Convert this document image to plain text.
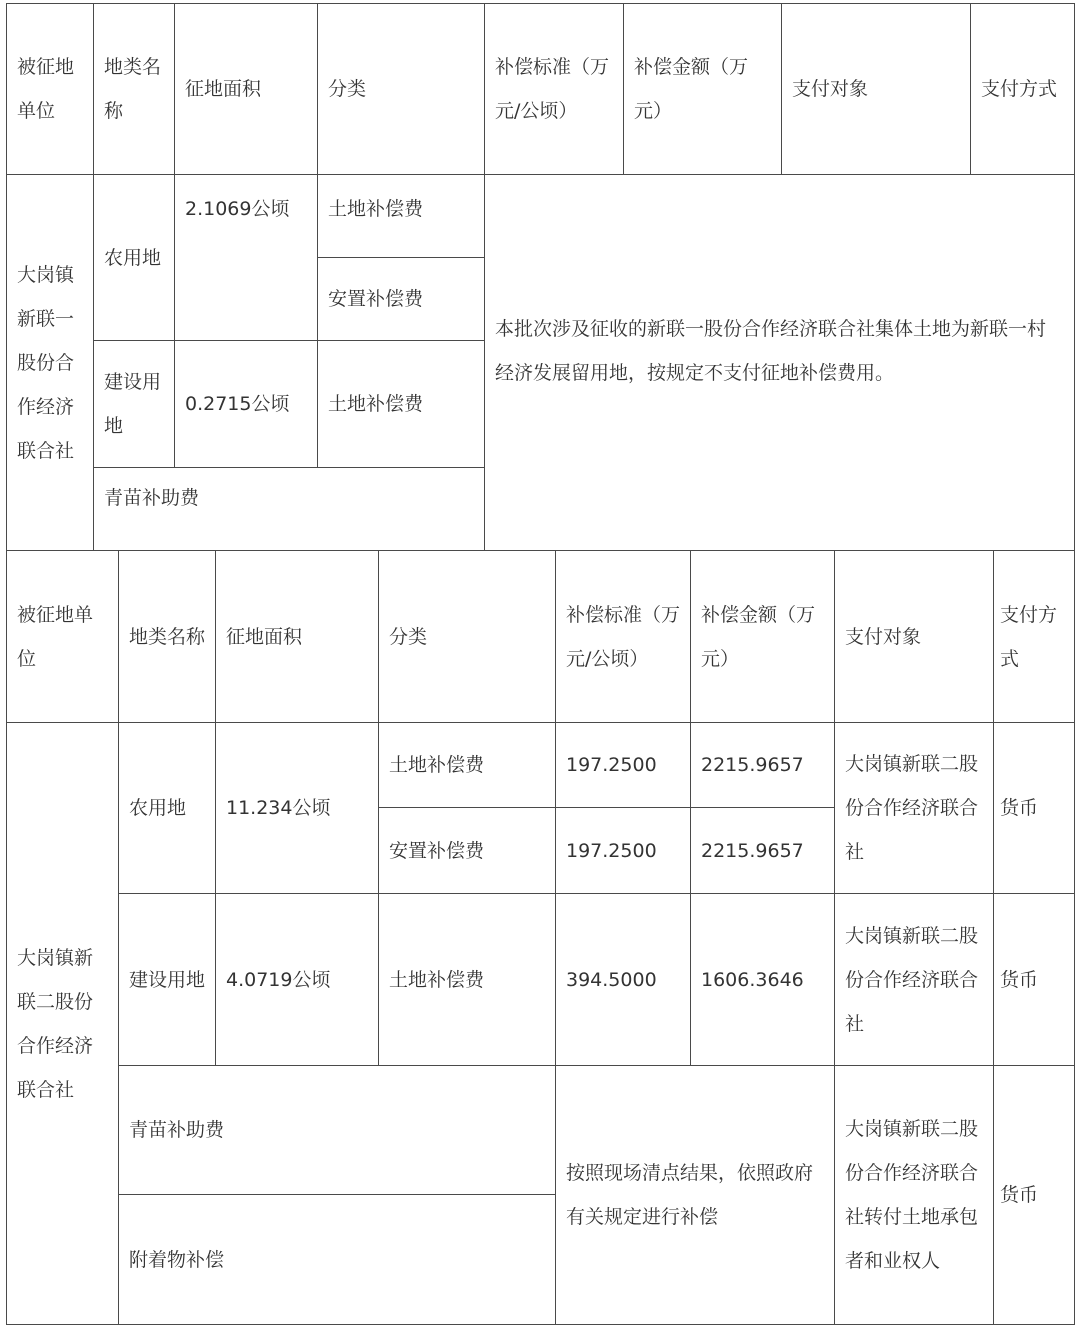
被征地单位	地类名称	征地面积	分类	补偿标准（万元/公顷）	补偿金额（万元）	支付对象	支付方式
大岗镇新联一股份合作经济联合社	农用地	2.1069公顷	土地补偿费	本批次涉及征收的新联一股份合作经济联合社集体土地为新联一村经济发展留用地，按规定不支付征地补偿费用。			
			安置补偿费				
	建设用地	0.2715公顷	土地补偿费				
	青苗补助费						
被征地单位	地类名称	征地面积	分类	补偿标准（万元/公顷）	补偿金额（万元）	支付对象	支付方式
大岗镇新联二股份合作经济联合社	农用地	11.234公顷	土地补偿费	197.2500	2215.9657	大岗镇新联二股份合作经济联合社	货币
			安置补偿费	197.2500	2215.9657		
	建设用地	4.0719公顷	土地补偿费	394.5000	1606.3646	大岗镇新联二股份合作经济联合社	货币
	青苗补助费			按照现场清点结果，依照政府有关规定进行补偿		大岗镇新联二股份合作经济联合社转付土地承包者和业权人	货币
	附着物补偿						
